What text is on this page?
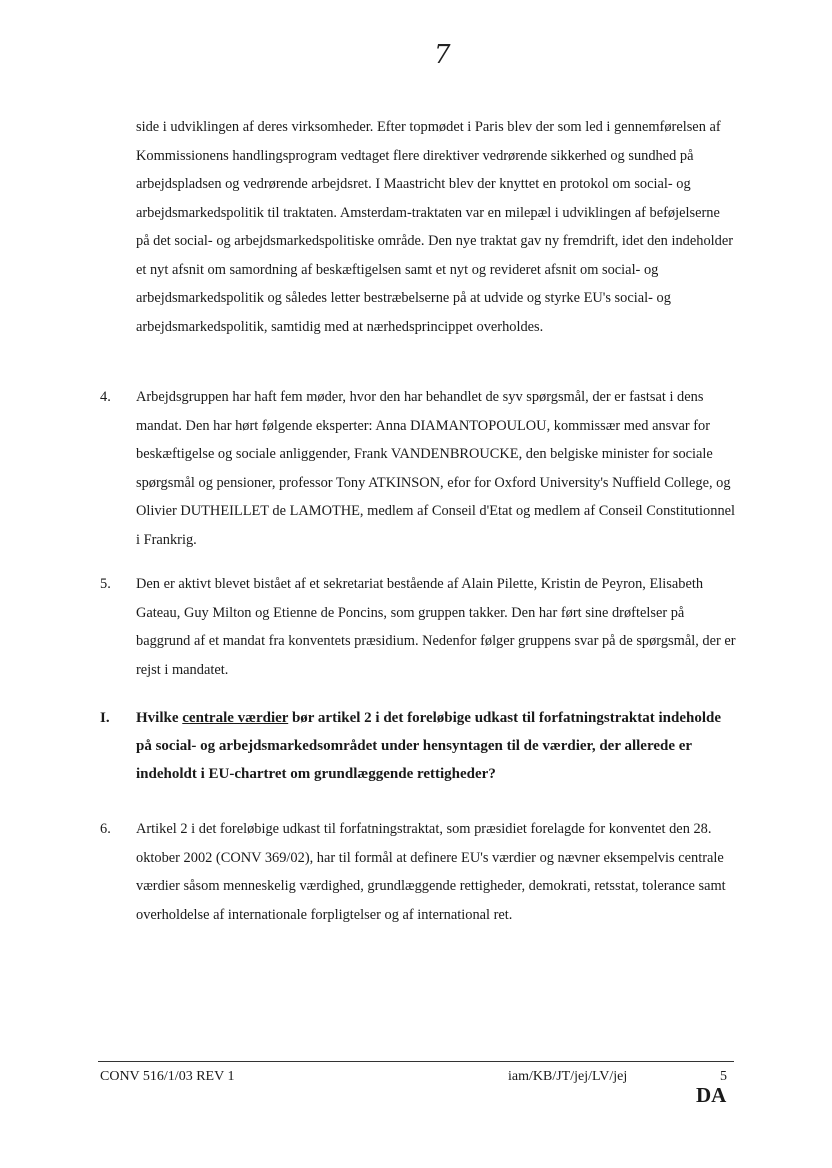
7

side i udviklingen af deres virksomheder. Efter topmødet i Paris blev der som led i gennemførelsen af Kommissionens handlingsprogram vedtaget flere direktiver vedrørende sikkerhed og sundhed på arbejdspladsen og vedrørende arbejdsret. I Maastricht blev der knyttet en protokol om social- og arbejdsmarkedspolitik til traktaten. Amsterdam-traktaten var en milepæl i udviklingen af beføjelserne på det social- og arbejdsmarkedspolitiske område. Den nye traktat gav ny fremdrift, idet den indeholder et nyt afsnit om samordning af beskæftigelsen samt et nyt og revideret afsnit om social- og arbejdsmarkedspolitik og således letter bestræbelserne på at udvide og styrke EU's social- og arbejdsmarkedspolitik, samtidig med at nærhedsprincippet overholdes.

4. Arbejdsgruppen har haft fem møder, hvor den har behandlet de syv spørgsmål, der er fastsat i dens mandat. Den har hørt følgende eksperter: Anna DIAMANTOPOULOU, kommissær med ansvar for beskæftigelse og sociale anliggender, Frank VANDENBROUCKE, den belgiske minister for sociale spørgsmål og pensioner, professor Tony ATKINSON, efor for Oxford University's Nuffield College, og Olivier DUTHEILLET de LAMOTHE, medlem af Conseil d'Etat og medlem af Conseil Constitutionnel i Frankrig.

5. Den er aktivt blevet bistået af et sekretariat bestående af Alain Pilette, Kristin de Peyron, Elisabeth Gateau, Guy Milton og Etienne de Poncins, som gruppen takker. Den har ført sine drøftelser på baggrund af et mandat fra konventets præsidium. Nedenfor følger gruppens svar på de spørgsmål, der er rejst i mandatet.

I. Hvilke centrale værdier bør artikel 2 i det foreløbige udkast til forfatningstraktat indeholde på social- og arbejdsmarkedsområdet under hensyntagen til de værdier, der allerede er indeholdt i EU-chartret om grundlæggende rettigheder?

6. Artikel 2 i det foreløbige udkast til forfatningstraktat, som præsidiet forelagde for konventet den 28. oktober 2002 (CONV 369/02), har til formål at definere EU's værdier og nævner eksempelvis centrale værdier såsom menneskelig værdighed, grundlæggende rettigheder, demokrati, retsstat, tolerance samt overholdelse af internationale forpligtelser og af international ret.

CONV 516/1/03 REV 1	iam/KB/JT/jej/LV/jej	5
DA
